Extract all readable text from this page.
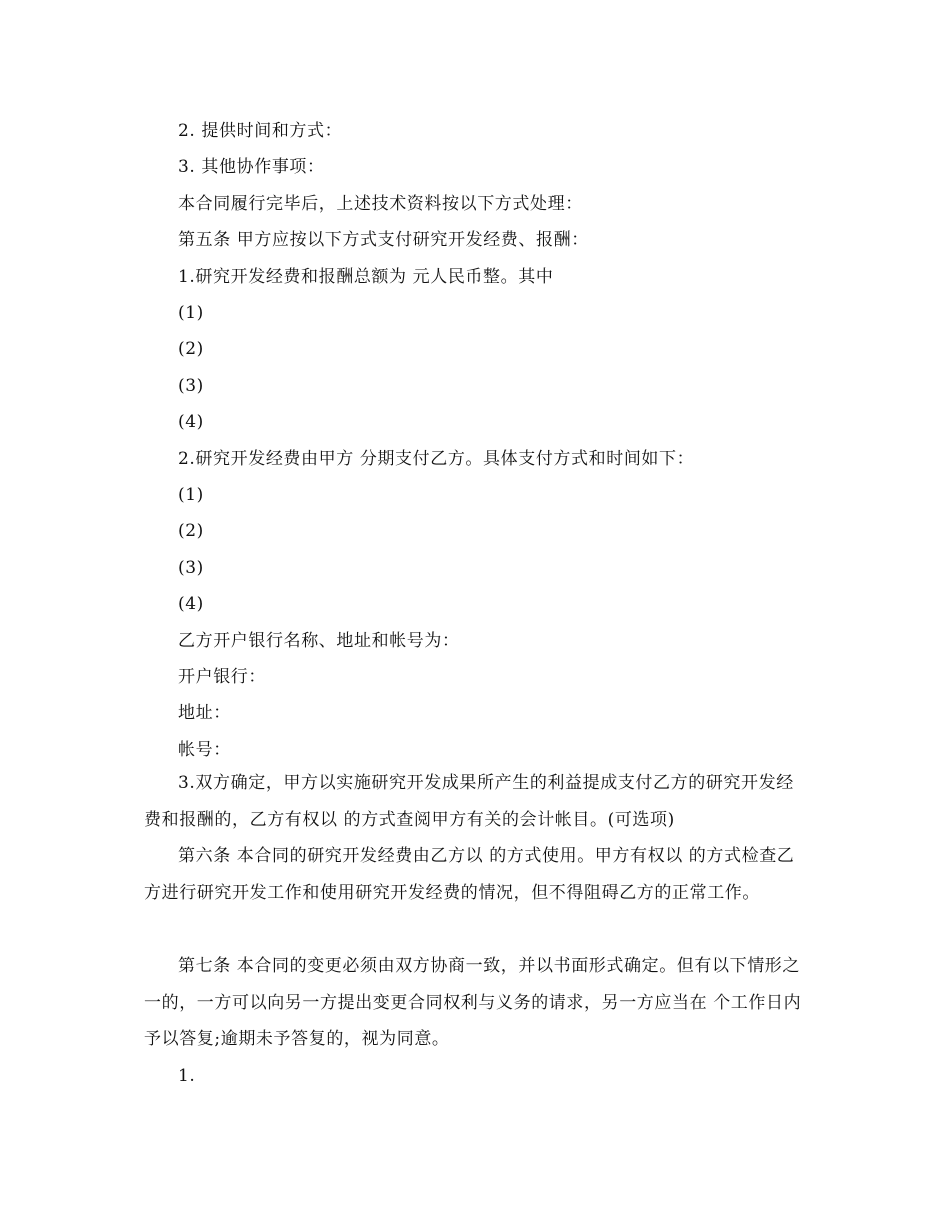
2. 提供时间和方式：
3. 其他协作事项：
本合同履行完毕后，上述技术资料按以下方式处理：
第五条 甲方应按以下方式支付研究开发经费、报酬：
1.研究开发经费和报酬总额为 元人民币整。其中
(1)
(2)
(3)
(4)
2.研究开发经费由甲方 分期支付乙方。具体支付方式和时间如下：
(1)
(2)
(3)
(4)
乙方开户银行名称、地址和帐号为：
开户银行：
地址：
帐号：
3.双方确定，甲方以实施研究开发成果所产生的利益提成支付乙方的研究开发经费和报酬的，乙方有权以 的方式查阅甲方有关的会计帐目。(可选项)
第六条 本合同的研究开发经费由乙方以 的方式使用。甲方有权以 的方式检查乙方进行研究开发工作和使用研究开发经费的情况，但不得阻碍乙方的正常工作。
第七条 本合同的变更必须由双方协商一致，并以书面形式确定。但有以下情形之一的，一方可以向另一方提出变更合同权利与义务的请求，另一方应当在 个工作日内予以答复;逾期未予答复的，视为同意。
1.
